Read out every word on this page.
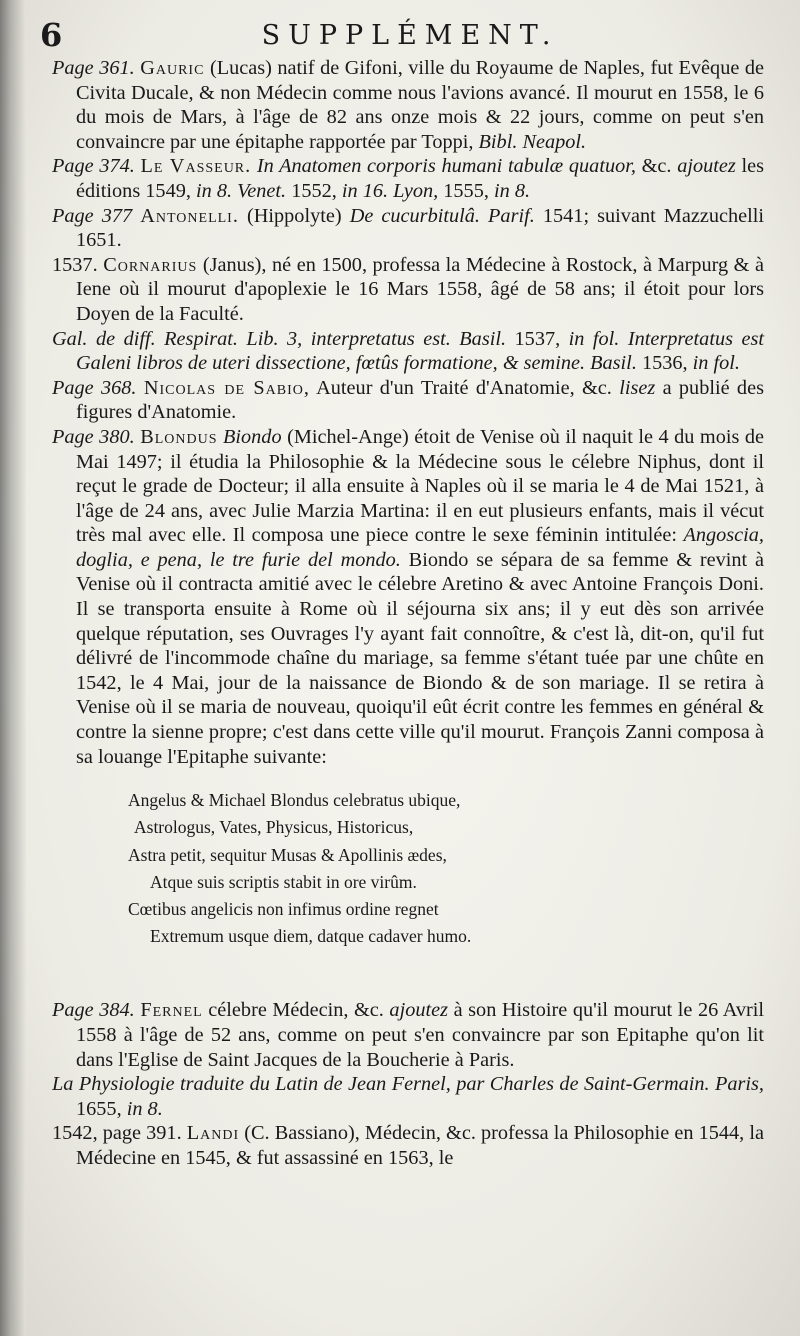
6	SUPPLÉMENT.

Page 361. Gauric (Lucas) natif de Gifoni, ville du Royaume de Naples, fut Evêque de Civita Ducale, & non Médecin comme nous l'avions avancé. Il mourut en 1558, le 6 du mois de Mars, à l'âge de 82 ans onze mois & 22 jours, comme on peut s'en convaincre par une épitaphe rapportée par Toppi, Bibl. Neapol.

Page 374. Le Vasseur. In Anatomen corporis humani tabulæ quatuor, &c. ajoutez les éditions 1549, in 8. Venet. 1552, in 16. Lyon, 1555, in 8.

Page 377 Antonelli. (Hippolyte) De cucurbitulâ. Parif. 1541; suivant Mazzuchelli 1651.

1537. Cornarius (Janus), né en 1500, professa la Médecine à Rostock, à Marpurg & à Iene où il mourut d'apoplexie le 16 Mars 1558, âgé de 58 ans; il étoit pour lors Doyen de la Faculté.

Gal. de diff. Respirat. Lib. 3, interpretatus est. Basil. 1537, in fol. Interpretatus est Galeni libros de uteri dissectione, fœtûs formatione, & semine. Basil. 1536, in fol.

Page 368. Nicolas de Sabio, Auteur d'un Traité d'Anatomie, &c. lisez a publié des figures d'Anatomie.

Page 380. Blondus Biondo (Michel-Ange) étoit de Venise où il naquit le 4 du mois de Mai 1497; il étudia la Philosophie & la Médecine sous le célebre Niphus, dont il reçut le grade de Docteur; il alla ensuite à Naples où il se maria le 4 de Mai 1521, à l'âge de 24 ans, avec Julie Marzia Martina: il en eut plusieurs enfants, mais il vécut très mal avec elle. Il composa une piece contre le sexe féminin intitulée: Angoscia, doglia, e pena, le tre furie del mondo. Biondo se sépara de sa femme & revint à Venise où il contracta amitié avec le célebre Aretino & avec Antoine François Doni. Il se transporta ensuite à Rome où il séjourna six ans; il y eut dès son arrivée quelque réputation, ses Ouvrages l'y ayant fait connoître, & c'est là, dit-on, qu'il fut délivré de l'incommode chaîne du mariage, sa femme s'étant tuée par une chûte en 1542, le 4 Mai, jour de la naissance de Biondo & de son mariage. Il se retira à Venise où il se maria de nouveau, quoiqu'il eût écrit contre les femmes en général & contre la sienne propre; c'est dans cette ville qu'il mourut. François Zanni composa à sa louange l'Epitaphe suivante:

Angelus & Michael Blondus celebratus ubique,
Astrologus, Vates, Physicus, Historicus,
Astra petit, sequitur Musas & Apollinis ædes,
Atque suis scriptis stabit in ore virûm.
Cœtibus angelicis non infimus ordine regnet
Extremum usque diem, datque cadaver humo.

Page 384. Fernel célebre Médecin, &c. ajoutez à son Histoire qu'il mourut le 26 Avril 1558 à l'âge de 52 ans, comme on peut s'en convaincre par son Epitaphe qu'on lit dans l'Eglise de Saint Jacques de la Boucherie à Paris.

La Physiologie traduite du Latin de Jean Fernel, par Charles de Saint-Germain. Paris, 1655, in 8.

1542, page 391. Landi (C. Bassiano), Médecin, &c. professa la Philosophie en 1544, la Médecine en 1545, & fut assassiné en 1563, le
